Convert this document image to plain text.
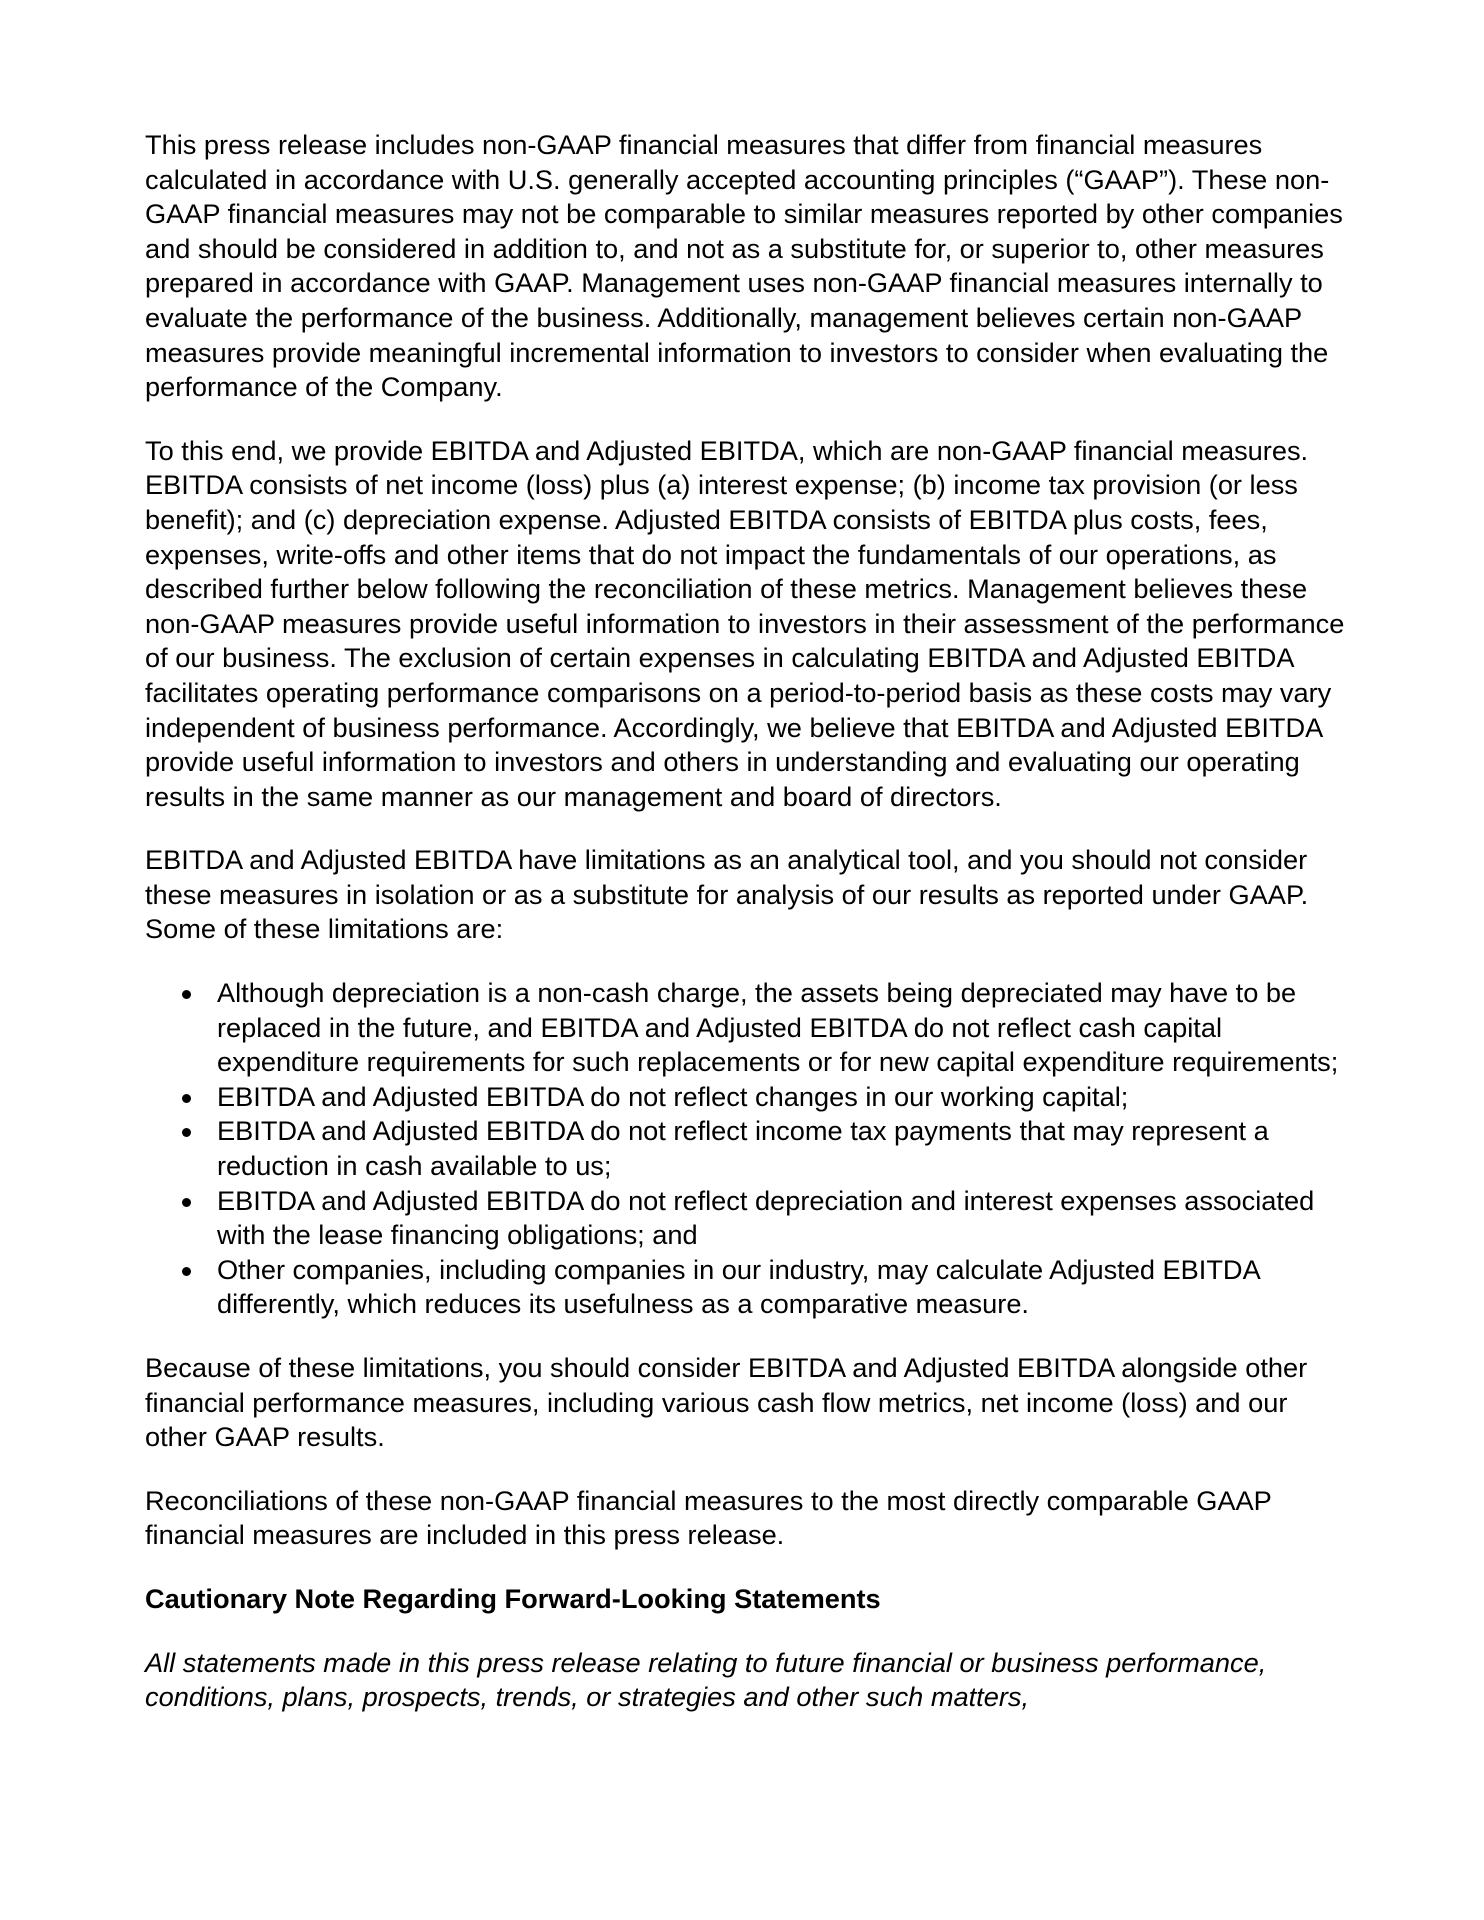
This press release includes non-GAAP financial measures that differ from financial measures calculated in accordance with U.S. generally accepted accounting principles (“GAAP”). These non-GAAP financial measures may not be comparable to similar measures reported by other companies and should be considered in addition to, and not as a substitute for, or superior to, other measures prepared in accordance with GAAP. Management uses non-GAAP financial measures internally to evaluate the performance of the business. Additionally, management believes certain non-GAAP measures provide meaningful incremental information to investors to consider when evaluating the performance of the Company.

To this end, we provide EBITDA and Adjusted EBITDA, which are non-GAAP financial measures. EBITDA consists of net income (loss) plus (a) interest expense; (b) income tax provision (or less benefit); and (c) depreciation expense. Adjusted EBITDA consists of EBITDA plus costs, fees, expenses, write-offs and other items that do not impact the fundamentals of our operations, as described further below following the reconciliation of these metrics. Management believes these non-GAAP measures provide useful information to investors in their assessment of the performance of our business. The exclusion of certain expenses in calculating EBITDA and Adjusted EBITDA facilitates operating performance comparisons on a period-to-period basis as these costs may vary independent of business performance. Accordingly, we believe that EBITDA and Adjusted EBITDA provide useful information to investors and others in understanding and evaluating our operating results in the same manner as our management and board of directors.

EBITDA and Adjusted EBITDA have limitations as an analytical tool, and you should not consider these measures in isolation or as a substitute for analysis of our results as reported under GAAP. Some of these limitations are:

Although depreciation is a non-cash charge, the assets being depreciated may have to be replaced in the future, and EBITDA and Adjusted EBITDA do not reflect cash capital expenditure requirements for such replacements or for new capital expenditure requirements;
EBITDA and Adjusted EBITDA do not reflect changes in our working capital;
EBITDA and Adjusted EBITDA do not reflect income tax payments that may represent a reduction in cash available to us;
EBITDA and Adjusted EBITDA do not reflect depreciation and interest expenses associated with the lease financing obligations; and
Other companies, including companies in our industry, may calculate Adjusted EBITDA differently, which reduces its usefulness as a comparative measure.

Because of these limitations, you should consider EBITDA and Adjusted EBITDA alongside other financial performance measures, including various cash flow metrics, net income (loss) and our other GAAP results.

Reconciliations of these non-GAAP financial measures to the most directly comparable GAAP financial measures are included in this press release.

Cautionary Note Regarding Forward-Looking Statements

All statements made in this press release relating to future financial or business performance, conditions, plans, prospects, trends, or strategies and other such matters,
